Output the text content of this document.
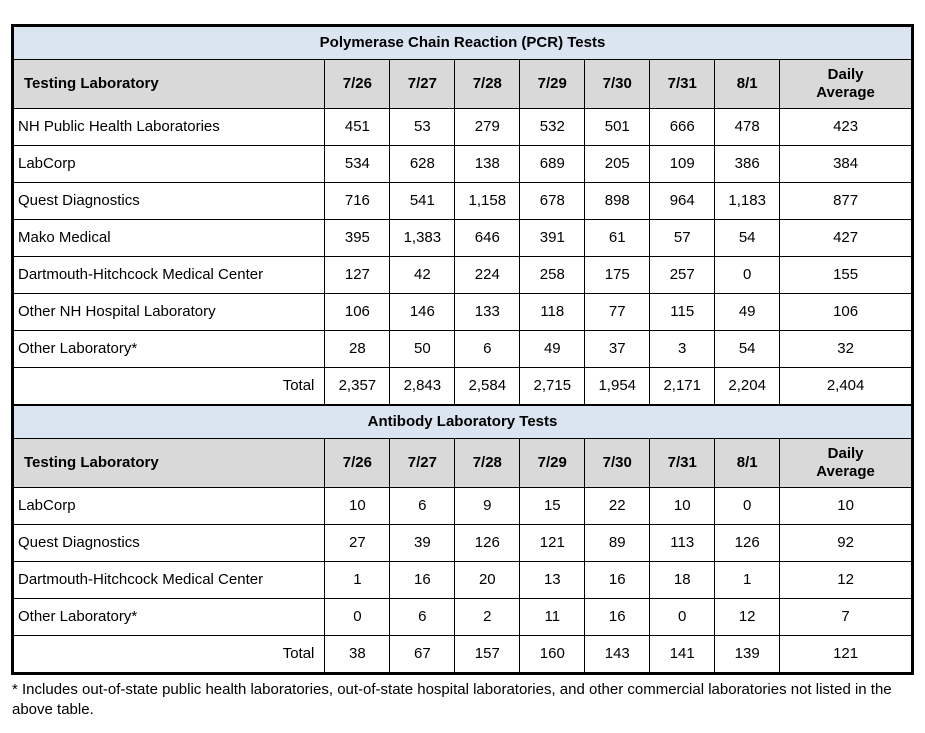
Polymerase Chain Reaction (PCR) Tests								
Testing Laboratory	7/26	7/27	7/28	7/29	7/30	7/31	8/1	Daily Average
NH Public Health Laboratories	451	53	279	532	501	666	478	423
LabCorp	534	628	138	689	205	109	386	384
Quest Diagnostics	716	541	1,158	678	898	964	1,183	877
Mako Medical	395	1,383	646	391	61	57	54	427
Dartmouth-Hitchcock Medical Center	127	42	224	258	175	257	0	155
Other NH Hospital Laboratory	106	146	133	118	77	115	49	106
Other Laboratory*	28	50	6	49	37	3	54	32
Total	2,357	2,843	2,584	2,715	1,954	2,171	2,204	2,404
Antibody Laboratory Tests								
Testing Laboratory	7/26	7/27	7/28	7/29	7/30	7/31	8/1	Daily Average
LabCorp	10	6	9	15	22	10	0	10
Quest Diagnostics	27	39	126	121	89	113	126	92
Dartmouth-Hitchcock Medical Center	1	16	20	13	16	18	1	12
Other Laboratory*	0	6	2	11	16	0	12	7
Total	38	67	157	160	143	141	139	121

* Includes out-of-state public health laboratories, out-of-state hospital laboratories, and other commercial laboratories not listed in the above table.
